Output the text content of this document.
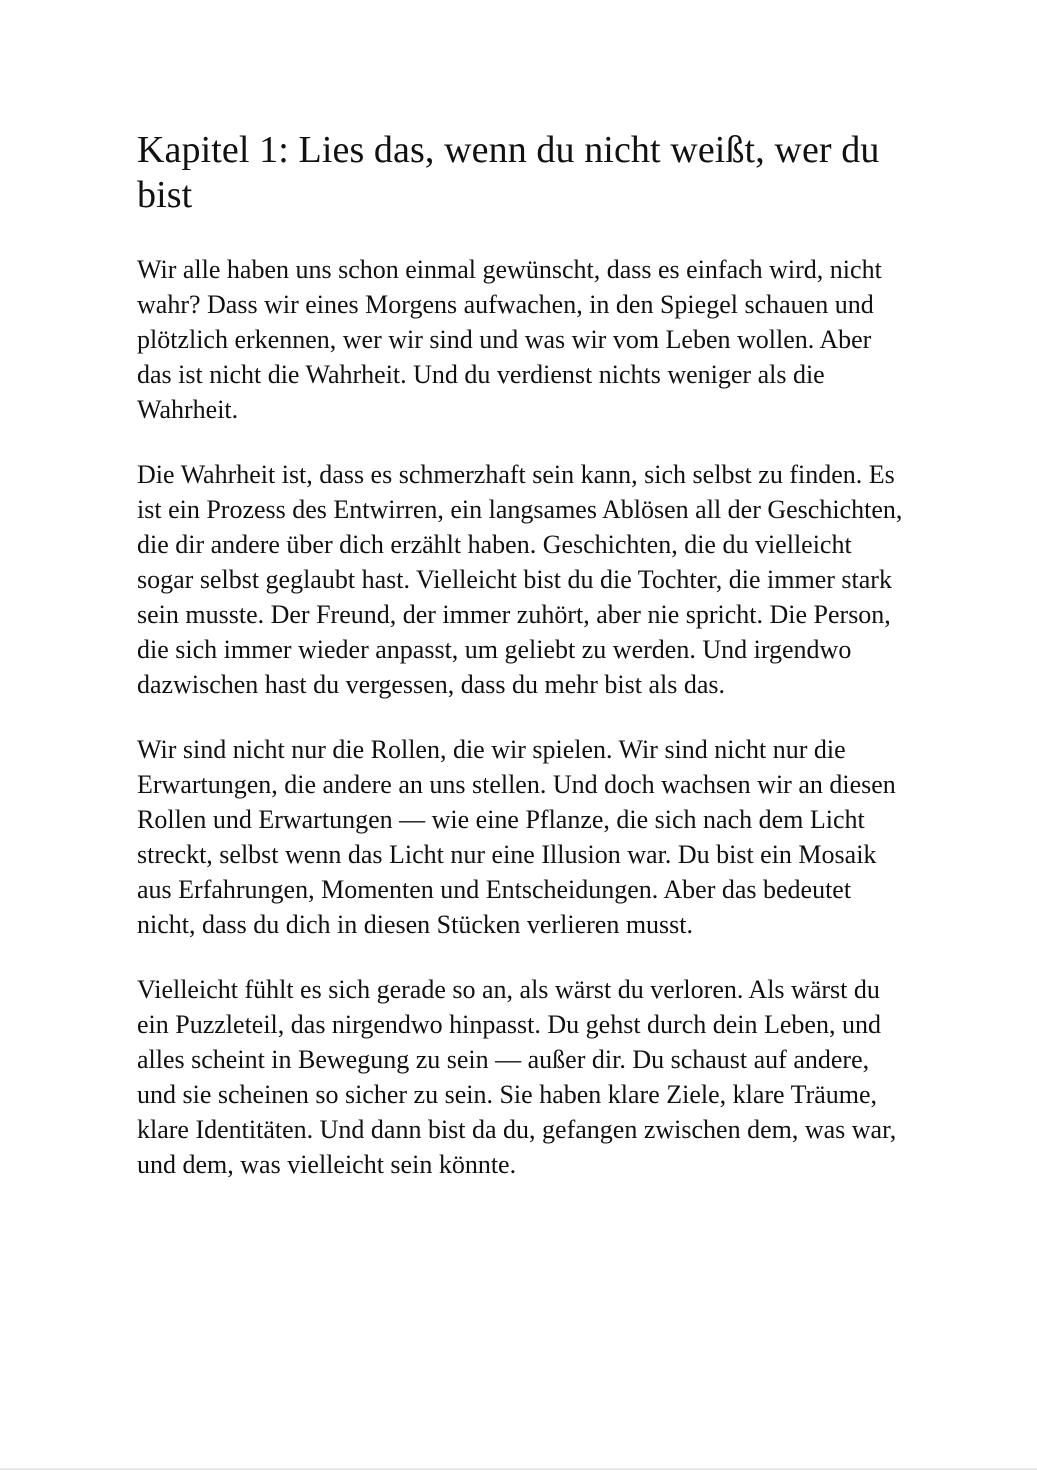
Kapitel 1: Lies das, wenn du nicht weißt, wer du bist

Wir alle haben uns schon einmal gewünscht, dass es einfach wird, nicht wahr? Dass wir eines Morgens aufwachen, in den Spiegel schauen und plötzlich erkennen, wer wir sind und was wir vom Leben wollen. Aber das ist nicht die Wahrheit. Und du verdienst nichts weniger als die Wahrheit.

Die Wahrheit ist, dass es schmerzhaft sein kann, sich selbst zu finden. Es ist ein Prozess des Entwirren, ein langsames Ablösen all der Geschichten, die dir andere über dich erzählt haben. Geschichten, die du vielleicht sogar selbst geglaubt hast. Vielleicht bist du die Tochter, die immer stark sein musste. Der Freund, der immer zuhört, aber nie spricht. Die Person, die sich immer wieder anpasst, um geliebt zu werden. Und irgendwo dazwischen hast du vergessen, dass du mehr bist als das.

Wir sind nicht nur die Rollen, die wir spielen. Wir sind nicht nur die Erwartungen, die andere an uns stellen. Und doch wachsen wir an diesen Rollen und Erwartungen — wie eine Pflanze, die sich nach dem Licht streckt, selbst wenn das Licht nur eine Illusion war. Du bist ein Mosaik aus Erfahrungen, Momenten und Entscheidungen. Aber das bedeutet nicht, dass du dich in diesen Stücken verlieren musst.

Vielleicht fühlt es sich gerade so an, als wärst du verloren. Als wärst du ein Puzzleteil, das nirgendwo hinpasst. Du gehst durch dein Leben, und alles scheint in Bewegung zu sein — außer dir. Du schaust auf andere, und sie scheinen so sicher zu sein. Sie haben klare Ziele, klare Träume, klare Identitäten. Und dann bist da du, gefangen zwischen dem, was war, und dem, was vielleicht sein könnte.
